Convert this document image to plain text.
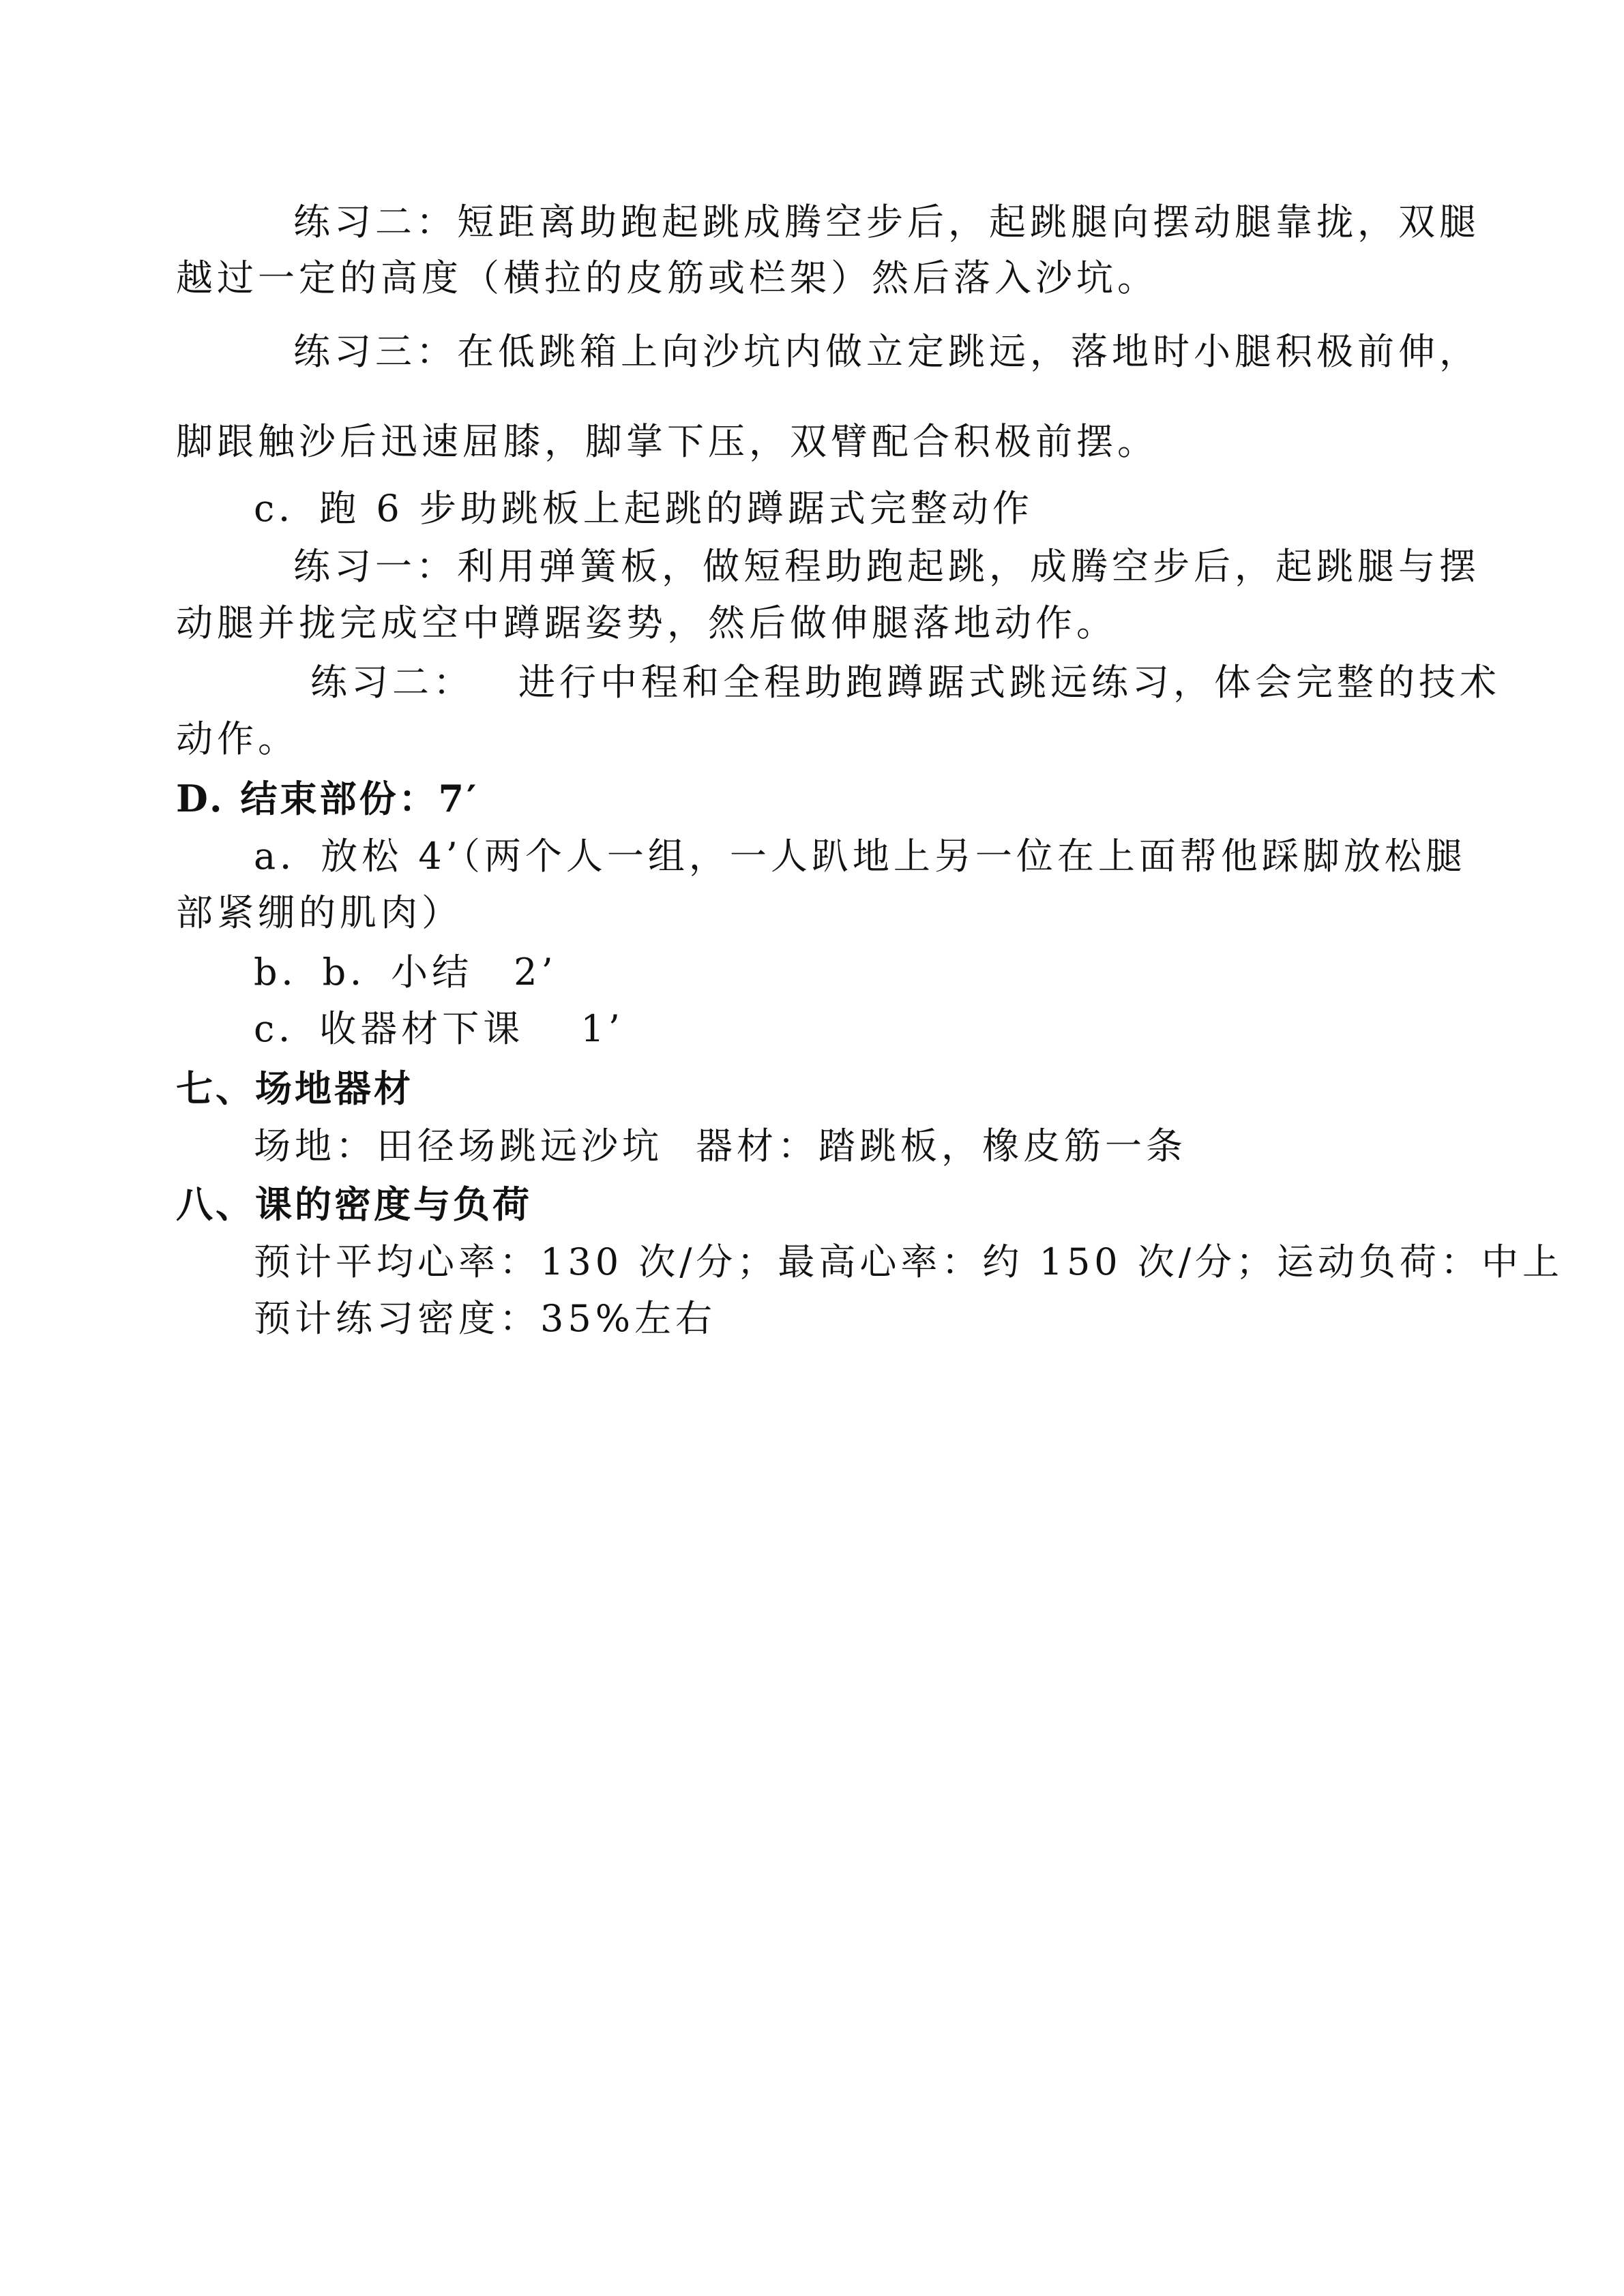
练习二：短距离助跑起跳成腾空步后，起跳腿向摆动腿靠拢，双腿
越过一定的高度（横拉的皮筋或栏架）然后落入沙坑。
练习三：在低跳箱上向沙坑内做立定跳远，落地时小腿积极前伸，
脚跟触沙后迅速屈膝，脚掌下压，双臂配合积极前摆。
c．跑 6 步助跳板上起跳的蹲踞式完整动作
练习一：利用弹簧板，做短程助跑起跳，成腾空步后，起跳腿与摆
动腿并拢完成空中蹲踞姿势，然后做伸腿落地动作。
练习二： 进行中程和全程助跑蹲踞式跳远练习，体会完整的技术
动作。
D. 结束部份：7′
a．放松 4’（两个人一组，一人趴地上另一位在上面帮他踩脚放松腿
部紧绷的肌肉）
b．b．小结　2’
c．收器材下课　 1’
七、场地器材
场地：田径场跳远沙坑 器材：踏跳板，橡皮筋一条
八、课的密度与负荷
预计平均心率：130 次/分；最高心率：约 150 次/分；运动负荷：中上
预计练习密度：35%左右
